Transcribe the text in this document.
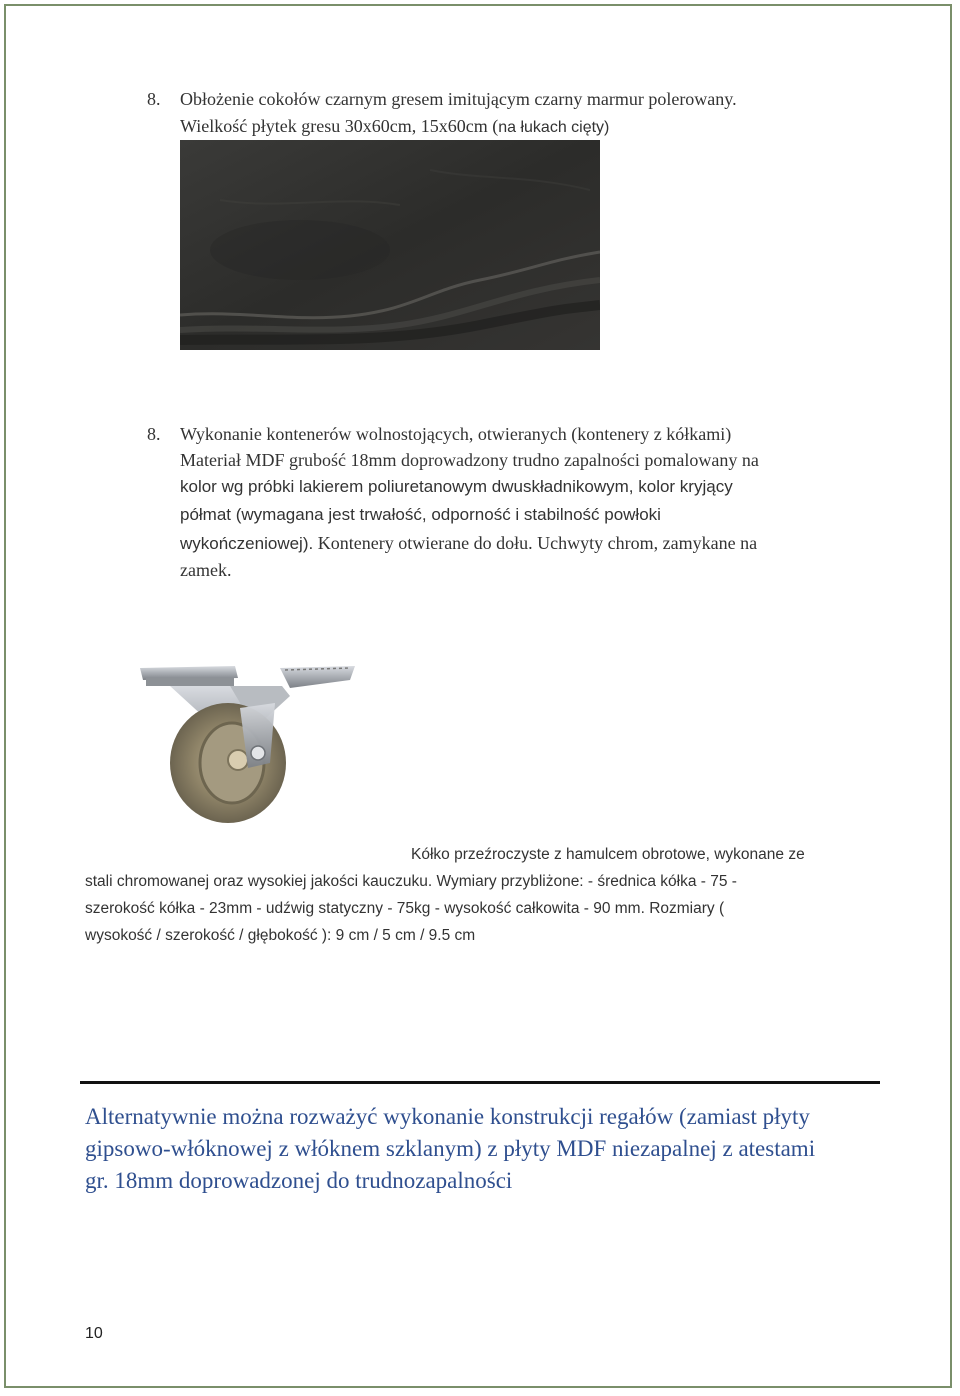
8. Obłożenie cokołów czarnym gresem imitującym czarny marmur polerowany.
Wielkość płytek gresu 30x60cm, 15x60cm (na łukach cięty)
8. Wykonanie kontenerów wolnostojących, otwieranych (kontenery z kółkami)
Materiał MDF grubość 18mm doprowadzony trudno zapalności pomalowany na
kolor wg próbki lakierem poliuretanowym dwuskładnikowym, kolor kryjący
półmat (wymagana jest trwałość, odporność i stabilność powłoki
wykończeniowej). Kontenery otwierane do dołu. Uchwyty chrom, zamykane na
zamek.
Kółko przeźroczyste z hamulcem obrotowe, wykonane ze
stali chromowanej oraz wysokiej jakości kauczuku. Wymiary przybliżone: - średnica kółka - 75 -
szerokość kółka - 23mm - udźwig statyczny - 75kg - wysokość całkowita - 90 mm. Rozmiary (
wysokość / szerokość / głębokość ): 9 cm / 5 cm / 9.5 cm
Alternatywnie można rozważyć wykonanie konstrukcji regałów (zamiast płyty
gipsowo-włóknowej z włóknem szklanym) z płyty MDF niezapalnej z atestami
gr. 18mm doprowadzonej do trudnozapalności
10
